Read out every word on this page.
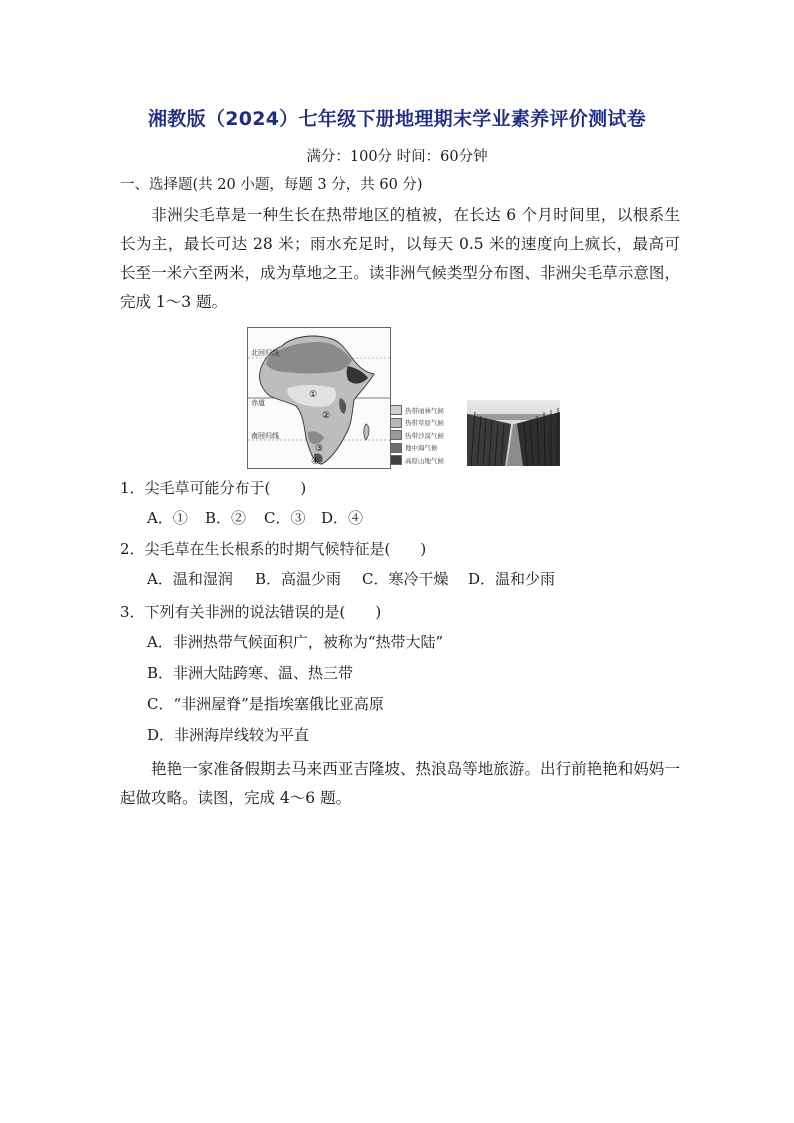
湘教版（2024）七年级下册地理期末学业素养评价测试卷
满分：100分 时间：60分钟
一、选择题(共 20 小题，每题 3 分，共 60 分)
非洲尖毛草是一种生长在热带地区的植被，在长达 6 个月时间里，以根系生长为主，最长可达 28 米；雨水充足时，以每天 0.5 米的速度向上疯长，最高可长至一米六至两米，成为草地之王。读非洲气候类型分布图、非洲尖毛草示意图，完成 1～3 题。
北回归线
赤道
南回归线
①
②
③
④
热带雨林气候
热带草原气候
热带沙漠气候
地中海气候
高原山地气候
1．尖毛草可能分布于(　　)
A．① B．② C．③ D．④
2．尖毛草在生长根系的时期气候特征是(　　)
A．温和湿润 B．高温少雨 C．寒冷干燥 D．温和少雨
3．下列有关非洲的说法错误的是(　　)
A．非洲热带气候面积广，被称为“热带大陆”
B．非洲大陆跨寒、温、热三带
C．“非洲屋脊”是指埃塞俄比亚高原
D．非洲海岸线较为平直
艳艳一家准备假期去马来西亚吉隆坡、热浪岛等地旅游。出行前艳艳和妈妈一起做攻略。读图，完成 4～6 题。
